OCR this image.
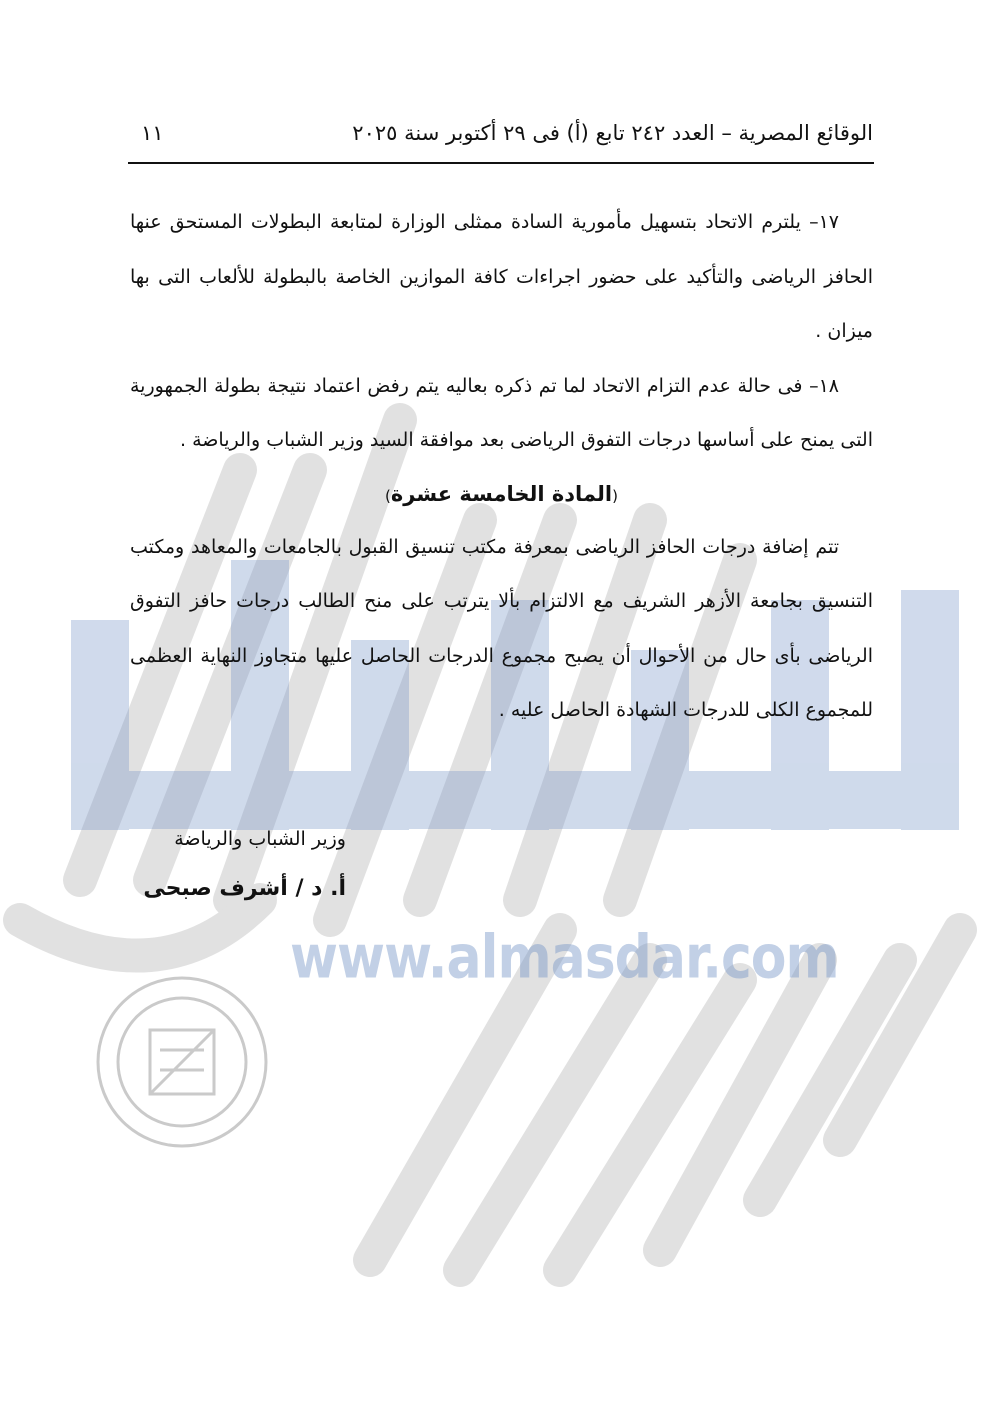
www.almasdar.com
الوقائع المصرية – العدد ٢٤٢ تابع (أ) فى ٢٩ أكتوبر سنة ٢٠٢٥
١١

١٧– يلترم الاتحاد بتسهيل مأمورية السادة ممثلى الوزارة لمتابعة البطولات المستحق عنها الحافز الرياضى والتأكيد على حضور اجراءات كافة الموازين الخاصة بالبطولة للألعاب التى بها ميزان .

١٨– فى حالة عدم التزام الاتحاد لما تم ذكره بعاليه يتم رفض اعتماد نتيجة بطولة الجمهورية التى يمنح على أساسها درجات التفوق الرياضى بعد موافقة السيد وزير الشباب والرياضة .

(المادة الخامسة عشرة)

تتم إضافة درجات الحافز الرياضى بمعرفة مكتب تنسيق القبول بالجامعات والمعاهد ومكتب التنسيق بجامعة الأزهر الشريف مع الالتزام بألا يترتب على منح الطالب درجات حافز التفوق الرياضى بأى حال من الأحوال أن يصبح مجموع الدرجات الحاصل عليها متجاوز النهاية العظمى للمجموع الكلى للدرجات الشهادة الحاصل عليه .

وزير الشباب والرياضة
أ. د / أشرف صبحى
